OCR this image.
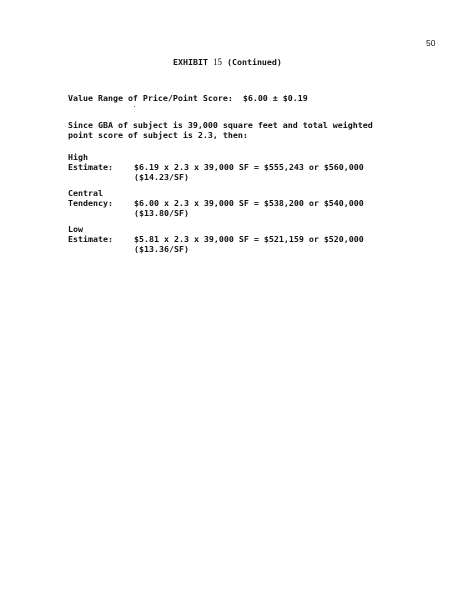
50
EXHIBIT 15 (Continued)
Value Range of Price/Point Score:  $6.00 ± $0.19
Since GBA of subject is 39,000 square feet and total weighted
point score of subject is 2.3, then:
High
Estimate:	$6.19 x 2.3 x 39,000 SF = $555,243 or $560,000
($14.23/SF)
Central
Tendency:	$6.00 x 2.3 x 39,000 SF = $538,200 or $540,000
($13.80/SF)
Low
Estimate:	$5.81 x 2.3 x 39,000 SF = $521,159 or $520,000
($13.36/SF)
